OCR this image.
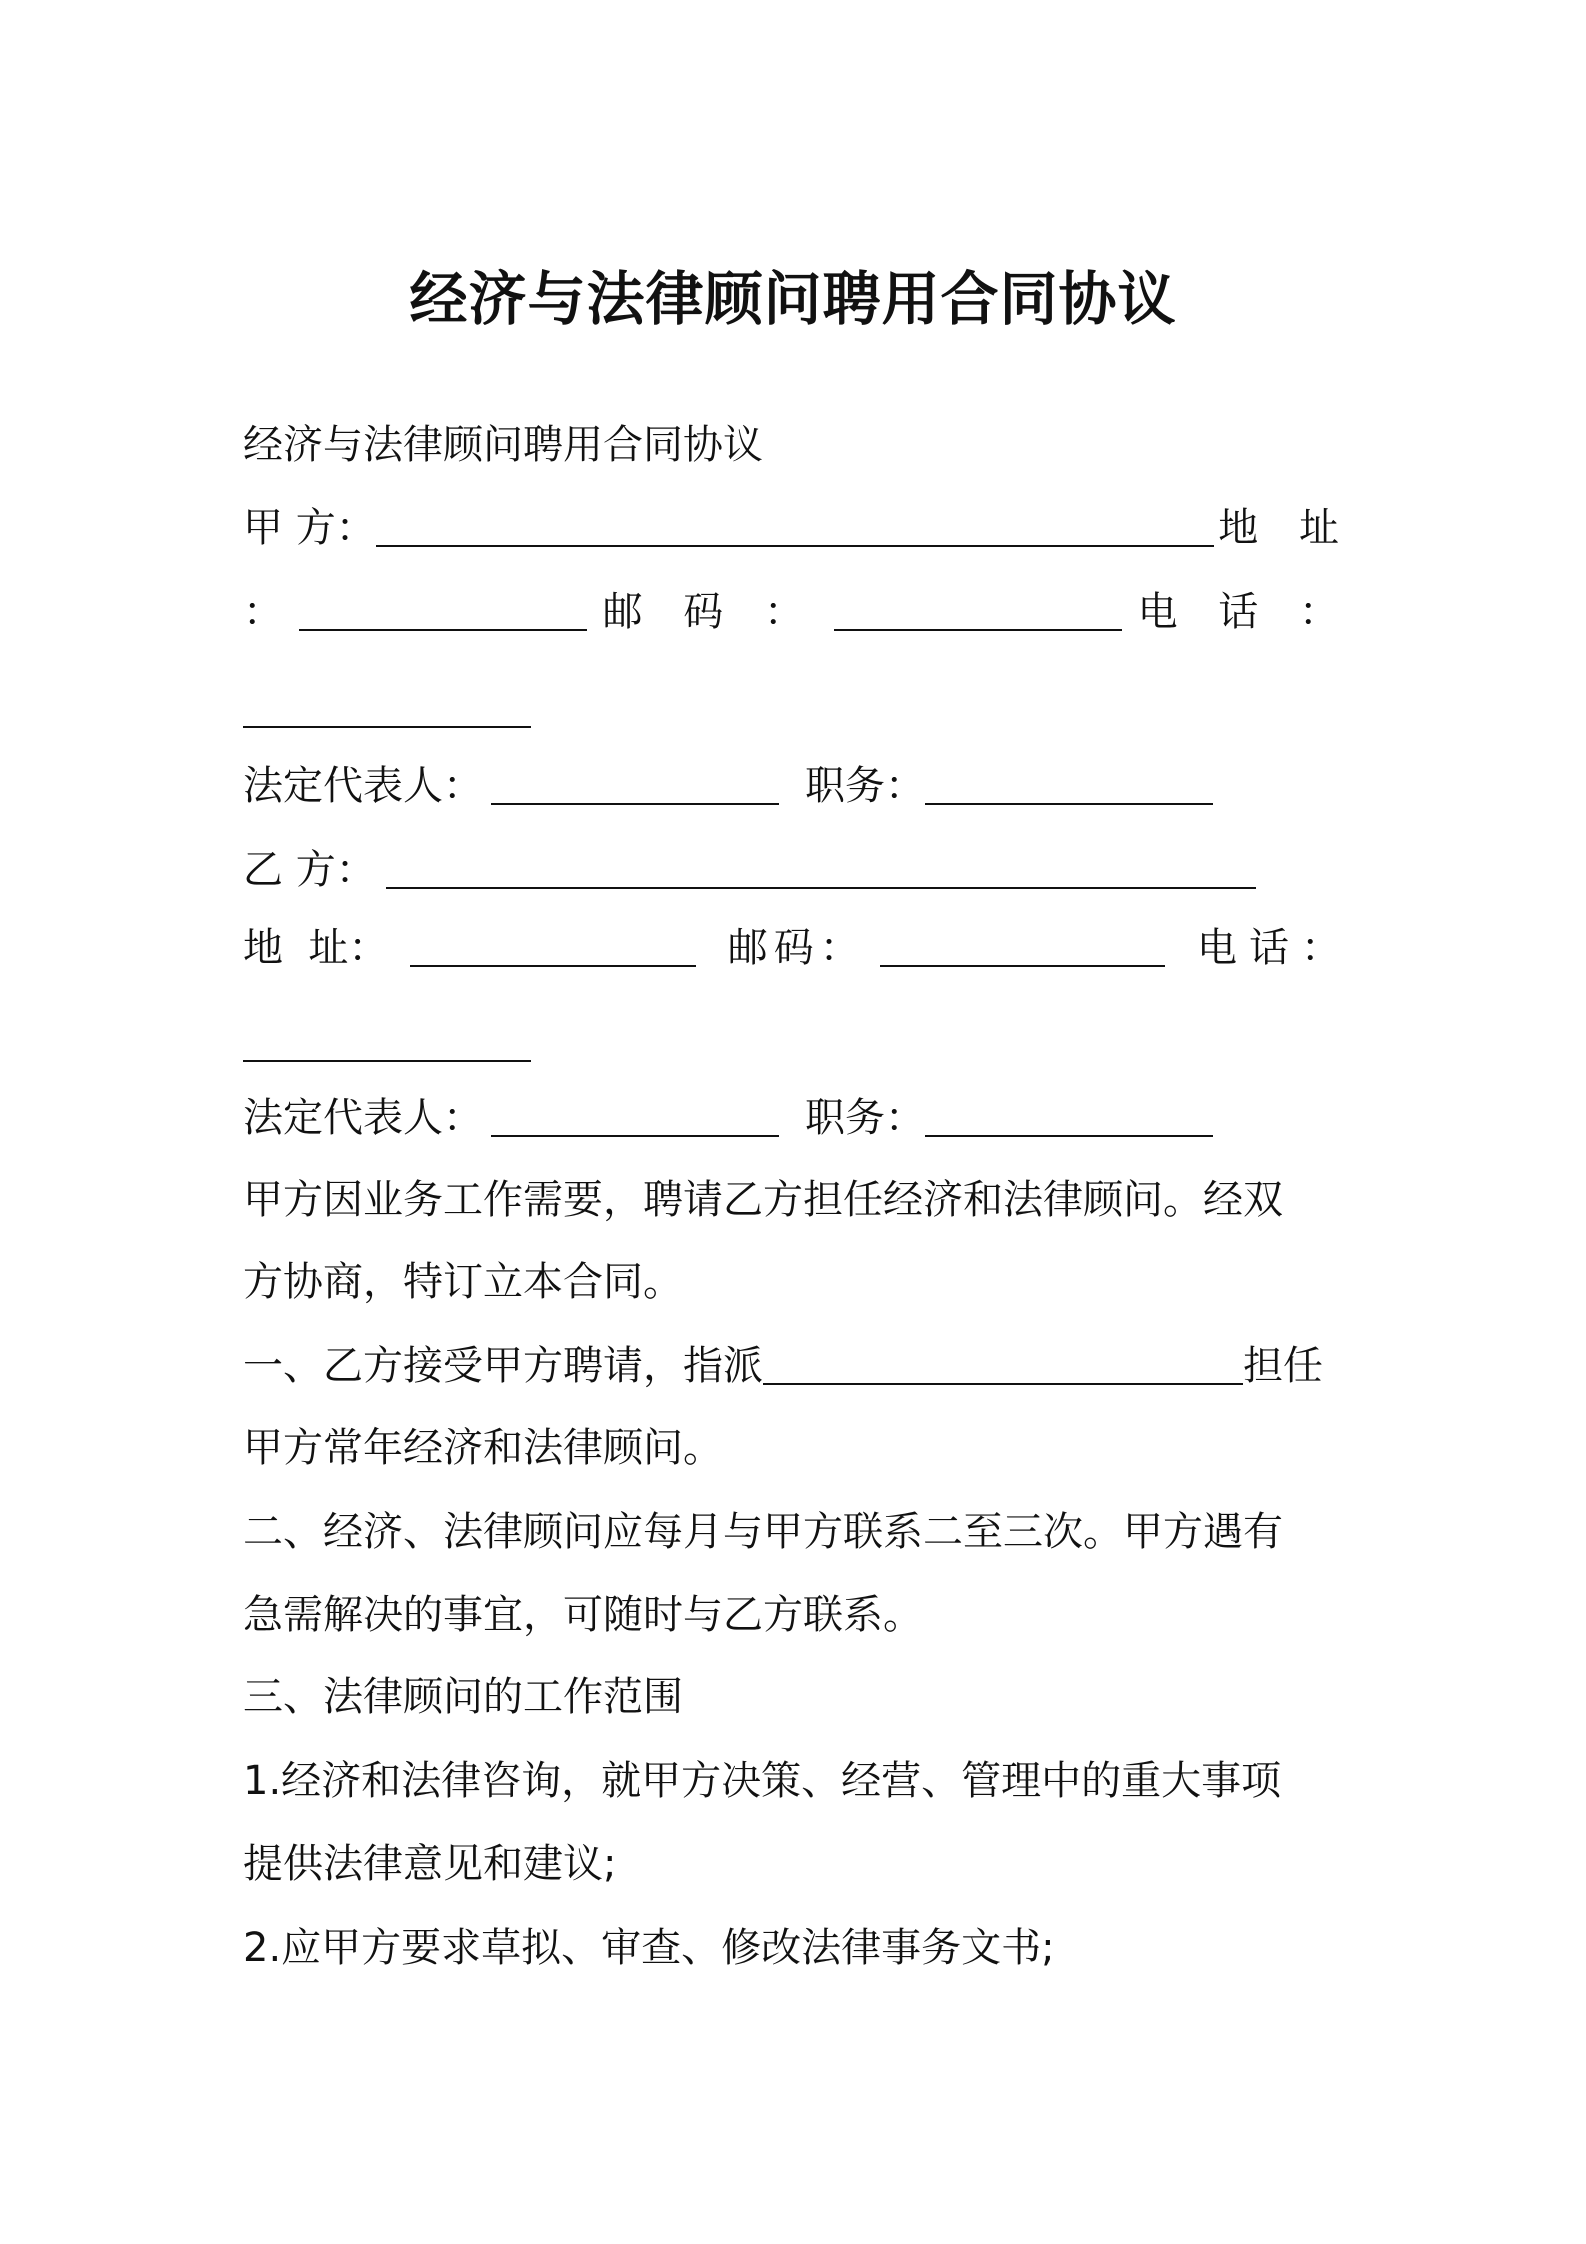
经济与法律顾问聘用合同协议
经济与法律顾问聘用合同协议
甲 方：	地 址
：	邮 码 ：	电 话 ：
法定代表人：	职务：
乙 方：
地  址：	邮码：	电话：
法定代表人：	职务：
甲方因业务工作需要，聘请乙方担任经济和法律顾问。经双
方协商，特订立本合同。
一、乙方接受甲方聘请，指派	担任
甲方常年经济和法律顾问。
二、经济、法律顾问应每月与甲方联系二至三次。甲方遇有
急需解决的事宜，可随时与乙方联系。
三、法律顾问的工作范围
1.经济和法律咨询，就甲方决策、经营、管理中的重大事项
提供法律意见和建议;
2.应甲方要求草拟、审查、修改法律事务文书;
